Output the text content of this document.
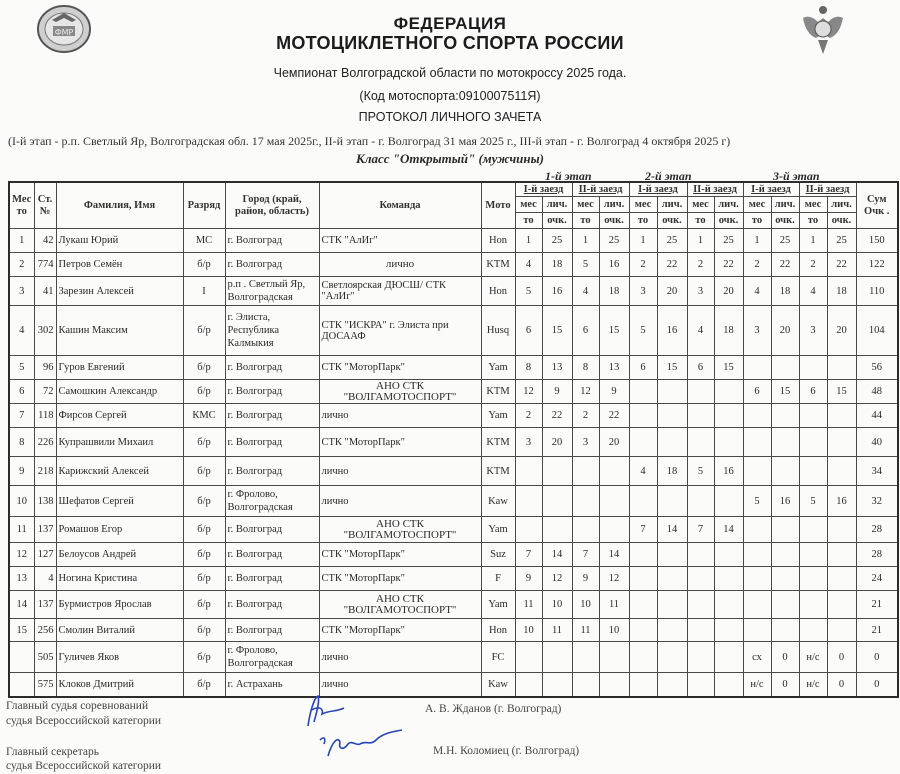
ФМР	ФЕДЕРАЦИЯ
МОТОЦИКЛЕТНОГО СПОРТА РОССИИ
Чемпионат Волгоградской области по мотокроссу 2025 года.
(Код мотоспорта:0910007511Я)
ПРОТОКОЛ ЛИЧНОГО ЗАЧЕТА
(I-й этап - р.п. Светлый Яр, Волгоградская обл. 17 мая 2025г., II-й этап - г. Волгоград 31 мая 2025 г., III-й этап - г. Волгоград 4 октября 2025 г)
Класс "Открытый" (мужчины)
1-й этап	2-й этап	3-й этап
Мес то	Ст. №	Фамилия, Имя	Разряд	Город (край, район, область)	Команда	Мото	I-й заезд		II-й заезд		I-й заезд		II-й заезд		I-й заезд		II-й заезд		Сум Очк .
							мес	лич.	мес	лич.	мес	лич.	мес	лич.	мес	лич.	мес	лич.	
							то	очк.	то	очк.	то	очк.	то	очк.	то	очк.	то	очк.	
1	42	Лукаш Юрий	МС	г. Волгоград	СТК "АлИг"	Hon	1	25	1	25	1	25	1	25	1	25	1	25	150
2	774	Петров Семён	б/р	г. Волгоград	лично	KTM	4	18	5	16	2	22	2	22	2	22	2	22	122
3	41	Зарезин Алексей	I	р.п . Светлый Яр, Волгоградская	Светлоярская ДЮСШ/ СТК "АлИг"	Hon	5	16	4	18	3	20	3	20	4	18	4	18	110
4	302	Кашин Максим	б/р	г. Элиста, Республика Калмыкия	СТК "ИСКРА" г. Элиста при ДОСААФ	Husq	6	15	6	15	5	16	4	18	3	20	3	20	104
5	96	Гуров Евгений	б/р	г. Волгоград	СТК "МоторПарк"	Yam	8	13	8	13	6	15	6	15					56
6	72	Самошкин Александр	б/р	г. Волгоград	АНО СТК "ВОЛГАМОТОСПОРТ"	KTM	12	9	12	9					6	15	6	15	48
7	118	Фирсов Сергей	КМС	г. Волгоград	лично	Yam	2	22	2	22									44
8	226	Купрашвили Михаил	б/р	г. Волгоград	СТК "МоторПарк"	KTM	3	20	3	20									40
9	218	Карижский Алексей	б/р	г. Волгоград	лично	KTM					4	18	5	16					34
10	138	Шефатов Сергей	б/р	г. Фролово, Волгоградская	лично	Kaw									5	16	5	16	32
11	137	Ромашов Егор	б/р	г. Волгоград	АНО СТК "ВОЛГАМОТОСПОРТ"	Yam					7	14	7	14					28
12	127	Белоусов Андрей	б/р	г. Волгоград	СТК "МоторПарк"	Suz	7	14	7	14									28
13	4	Ногина Кристина	б/р	г. Волгоград	СТК "МоторПарк"	F	9	12	9	12									24
14	137	Бурмистров Ярослав	б/р	г. Волгоград	АНО СТК "ВОЛГАМОТОСПОРТ"	Yam	11	10	10	11									21
15	256	Смолин Виталий	б/р	г. Волгоград	СТК "МоторПарк"	Hon	10	11	11	10									21
	505	Гуличев Яков	б/р	г. Фролово, Волгоградская	лично	FC									сх	0	н/с	0	0
	575	Клоков Дмитрий	б/р	г. Астрахань	лично	Kaw									н/с	0	н/с	0	0
Главный судья соревнований
судья Всероссийской категории
А. В. Жданов (г. Волгоград)
Главный секретарь
судья Всероссийской категории
М.Н. Коломиец (г. Волгоград)
